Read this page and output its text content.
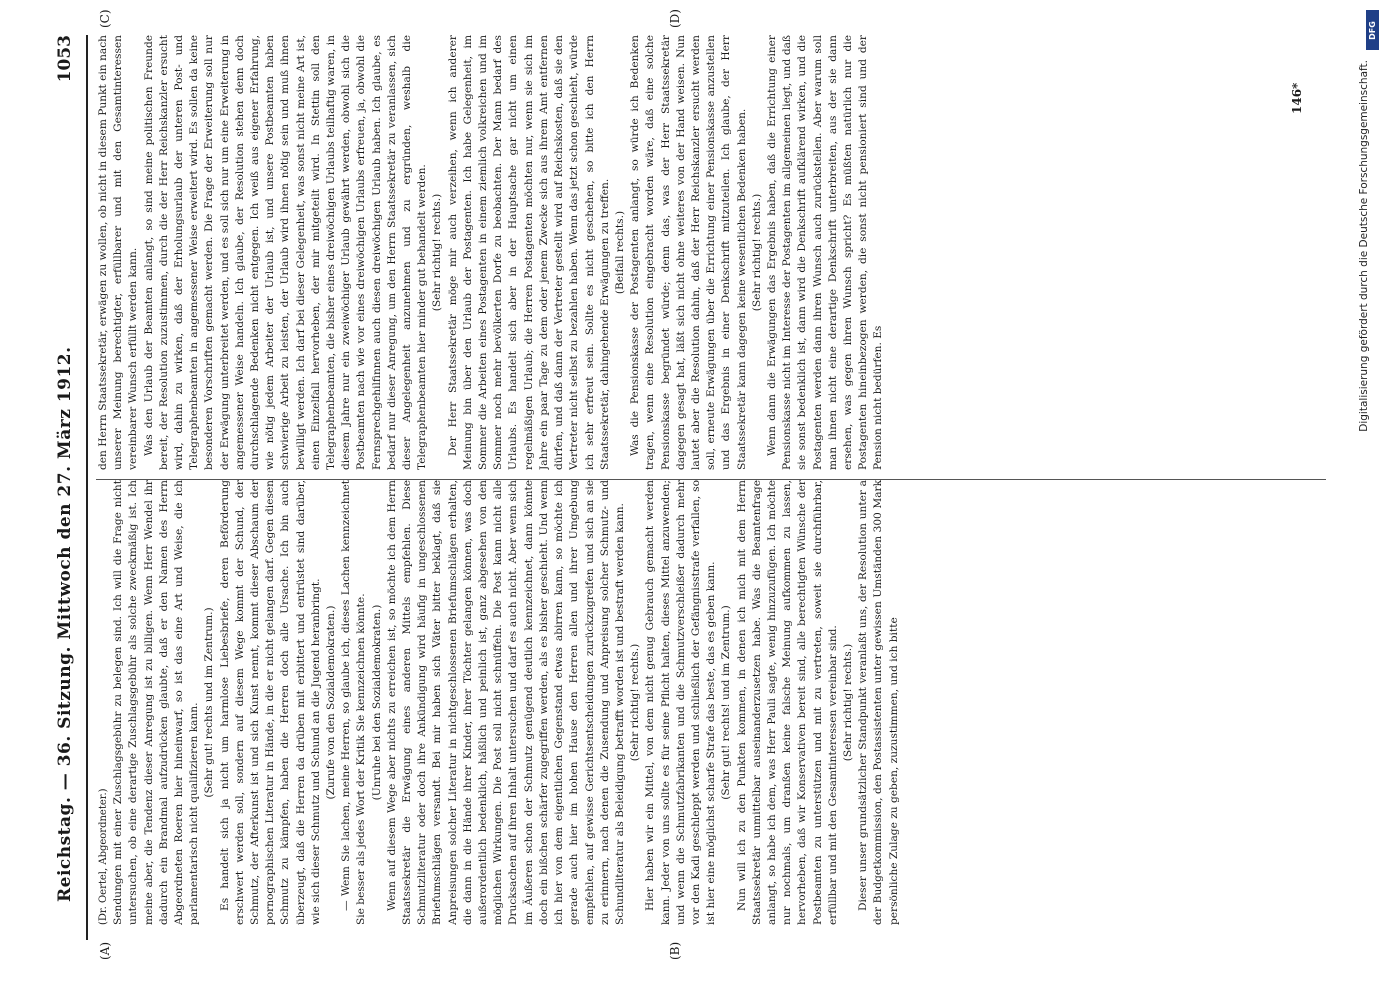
Reichstag. — 36. Sitzung. Mittwoch den 27. März 1912.
1053
(A)	(B)
(C)	(D)

(Dr. Oertel, Abgeordneter.) Sendungen mit einer Zuschlagsgebühr zu belegen sind. Ich will die Frage nicht untersuchen, ob eine derartige Zuschlagsgebühr als solche zweckmäßig ist. Ich meine aber, die Tendenz dieser Anregung ist zu billigen. Wenn Herr Wendel ihr dadurch ein Brandmal aufzudrücken glaubte, daß er den Namen des Herrn Abgeordneten Roeren hier hineinwarf, so ist das eine Art und Weise, die ich parlamentarisch nicht qualifizieren kann.

(Sehr gut! rechts und im Zentrum.) Es handelt sich ja nicht um harmlose Liebesbriefe, deren Beförderung erschwert werden soll, sondern auf diesem Wege kommt der Schund, der Schmutz, der Afterkunst ist und sich Kunst nennt, kommt dieser Abschaum der pornographischen Literatur in Hände, in die er nicht gelangen darf. Gegen diesen Schmutz zu kämpfen, haben die Herren doch alle Ursache. Ich bin auch überzeugt, daß die Herren da drüben mit erbittert und entrüstet sind darüber, wie sich dieser Schmutz und Schund an die Jugend heranbringt. (Zurufe von den Sozialdemokraten.) — Wenn Sie lachen, meine Herren, so glaube ich, dieses Lachen kennzeichnet Sie besser als jedes Wort der Kritik Sie kennzeichnen könnte. (Unruhe bei den Sozialdemokraten.) Wenn auf diesem Wege aber nichts zu erreichen ist, so möchte ich dem Herrn Staatssekretär die Erwägung eines anderen Mittels empfehlen. Diese Schmutzliteratur oder doch ihre Ankündigung wird häufig in ungeschlossenen Briefumschlägen versandt. Bei mir haben sich Väter bitter beklagt, daß sie Anpreisungen solcher Literatur in nichtgeschlossenen Briefumschlägen erhalten, die dann in die Hände ihrer Kinder, ihrer Töchter gelangen können, was doch außerordentlich bedenklich, häßlich und peinlich ist, ganz abgesehen von den möglichen Wirkungen. Die Post soll nicht schnüffeln. Die Post kann nicht alle Drucksachen auf ihren Inhalt untersuchen und darf es auch nicht. Aber wenn sich im Äußeren schon der Schmutz genügend deutlich kennzeichnet, dann könnte doch ein bißchen schärfer zugegriffen werden, als es bisher geschieht. Und wenn ich hier von dem eigentlichen Gegenstand etwas abirren kann, so möchte ich gerade auch hier im hohen Hause den Herren allen und ihrer Umgebung empfehlen, auf gewisse Gerichtsentscheidungen zurückzugreifen und sich an sie zu erinnern, nach denen die Zusendung und Anpreisung solcher Schmutz- und Schundliteratur als Beleidigung betrafft worden ist und bestraft werden kann. (Sehr richtig! rechts.) Hier haben wir ein Mittel, von dem nicht genug Gebrauch gemacht werden kann. Jeder von uns sollte es für seine Pflicht halten, dieses Mittel anzuwenden; und wenn die Schmutzfabrikanten und die Schmutzverschleißer dadurch mehr vor den Kadi geschleppt werden und schließlich der Gefängnisstrafe verfallen, so ist hier eine möglichst scharfe Strafe das beste, das es geben kann. (Sehr gut! rechts! und im Zentrum.) Nun will ich zu den Punkten kommen, in denen ich mich mit dem Herrn Staatssekretär unmittelbar auseinanderzusetzen habe. Was die Beamtenfrage anlangt, so habe ich dem, was Herr Pauli sagte, wenig hinzuzufügen. Ich möchte nur nochmals, um dranßen keine falsche Meinung aufkommen zu lassen, hervorheben, daß wir Konservativen bereit sind, alle berechtigten Wünsche der Postbeamten zu unterstützen und mit zu vertreten, soweit sie durchführbar, erfüllbar und mit den Gesamtinteressen vereinbar sind. (Sehr richtig! rechts.) Dieser unser grundsätzlicher Standpunkt veranlaßt uns, der Resolution unter a der Budgetkommission, den Postassistenten unter gewissen Umständen 300 Mark persönliche Zulage zu geben, zuzustimmen, und ich bitte

den Herrn Staatssekretär, erwägen zu wollen, ob nicht in diesem Punkt ein nach unserer Meinung berechtigter, erfüllbarer und mit den Gesamtinteressen vereinbarer Wunsch erfüllt werden kann. Was den Urlaub der Beamten anlangt, so sind meine politischen Freunde bereit, der Resolution zuzustimmen, durch die der Herr Reichskanzler ersucht wird, dahin zu wirken, daß der Erholungsurlaub der unteren Post- und Telegraphenbeamten in angemessener Weise erweitert wird. Es sollen da keine besonderen Vorschriften gemacht werden. Die Frage der Erweiterung soll nur der Erwägung unterbreitet werden, und es soll sich nur um eine Erweiterung in angemessener Weise handeln. Ich glaube, der Resolution stehen denn doch durchschlagende Bedenken nicht entgegen. Ich weiß aus eigener Erfahrung, wie nötig jedem Arbeiter der Urlaub ist, und unsere Postbeamten haben schwierige Arbeit zu leisten, der Urlaub wird ihnen nötig sein und muß ihnen bewilligt werden. Ich darf bei dieser Gelegenheit, was sonst nicht meine Art ist, einen Einzelfall hervorheben, der mir mitgeteilt wird. In Stettin soll den Telegraphenbeamten, die bisher eines dreiwöchigen Urlaubs teilhaftig waren, in diesem Jahre nur ein zweiwöchiger Urlaub gewährt werden, obwohl sich die Postbeamten nach wie vor eines dreiwöchigen Urlaubs erfreuen, ja, obwohl die Fernsprechgehilfinnen auch diesen dreiwöchigen Urlaub haben. Ich glaube, es bedarf nur dieser Anregung, um den Herrn Staatssekretär zu veranlassen, sich dieser Angelegenheit anzunehmen und zu ergründen, weshalb die Telegraphenbeamten hier minder gut behandelt werden. (Sehr richtig! rechts.) Der Herr Staatssekretär möge mir auch verzeihen, wenn ich anderer Meinung bin über den Urlaub der Postagenten. Ich habe Gelegenheit, im Sommer die Arbeiten eines Postagenten in einem ziemlich volkreichen und im Sommer noch mehr bevölkerten Dorfe zu beobachten. Der Mann bedarf des Urlaubs. Es handelt sich aber in der Hauptsache gar nicht um einen regelmäßigen Urlaub; die Herren Postagenten möchten nur, wenn sie sich im Jahre ein paar Tage zu dem oder jenem Zwecke sich aus ihrem Amt entfernen dürfen, und daß dann der Vertreter gestellt wird auf Reichskosten, daß sie den Vertreter nicht selbst zu bezahlen haben. Wenn das jetzt schon geschieht, würde ich sehr erfreut sein. Sollte es nicht geschehen, so bitte ich den Herrn Staatssekretär, dahingehende Erwägungen zu treffen. (Beifall rechts.) Was die Pensionskasse der Postagenten anlangt, so würde ich Bedenken tragen, wenn eine Resolution eingebracht worden wäre, daß eine solche Pensionskasse begründet würde; denn das, was der Herr Staatssekretär dagegen gesagt hat, läßt sich nicht ohne weiteres von der Hand weisen. Nun lautet aber die Resolution dahin, daß der Herr Reichskanzler ersucht werden soll, erneute Erwägungen über die Errichtung einer Pensionskasse anzustellen und das Ergebnis in einer Denkschrift mitzuteilen. Ich glaube, der Herr Staatssekretär kann dagegen keine wesentlichen Bedenken haben. (Sehr richtig! rechts.) Wenn dann die Erwägungen das Ergebnis haben, daß die Errichtung einer Pensionskasse nicht im Interesse der Postagenten im allgemeinen liegt, und daß sie sonst bedenklich ist, dann wird die Denkschrift aufklärend wirken, und die Postagenten werden dann ihren Wunsch auch zurückstellen. Aber warum soll man ihnen nicht eine derartige Denkschrift unterbreiten, aus der sie dann ersehen, was gegen ihren Wunsch spricht? Es müßten natürlich nur die Postagenten hineinbezogen werden, die sonst nicht pensioniert sind und der Pension nicht bedürfen. Es

146*
DFG
Digitalisierung gefördert durch die Deutsche Forschungsgemeinschaft.
